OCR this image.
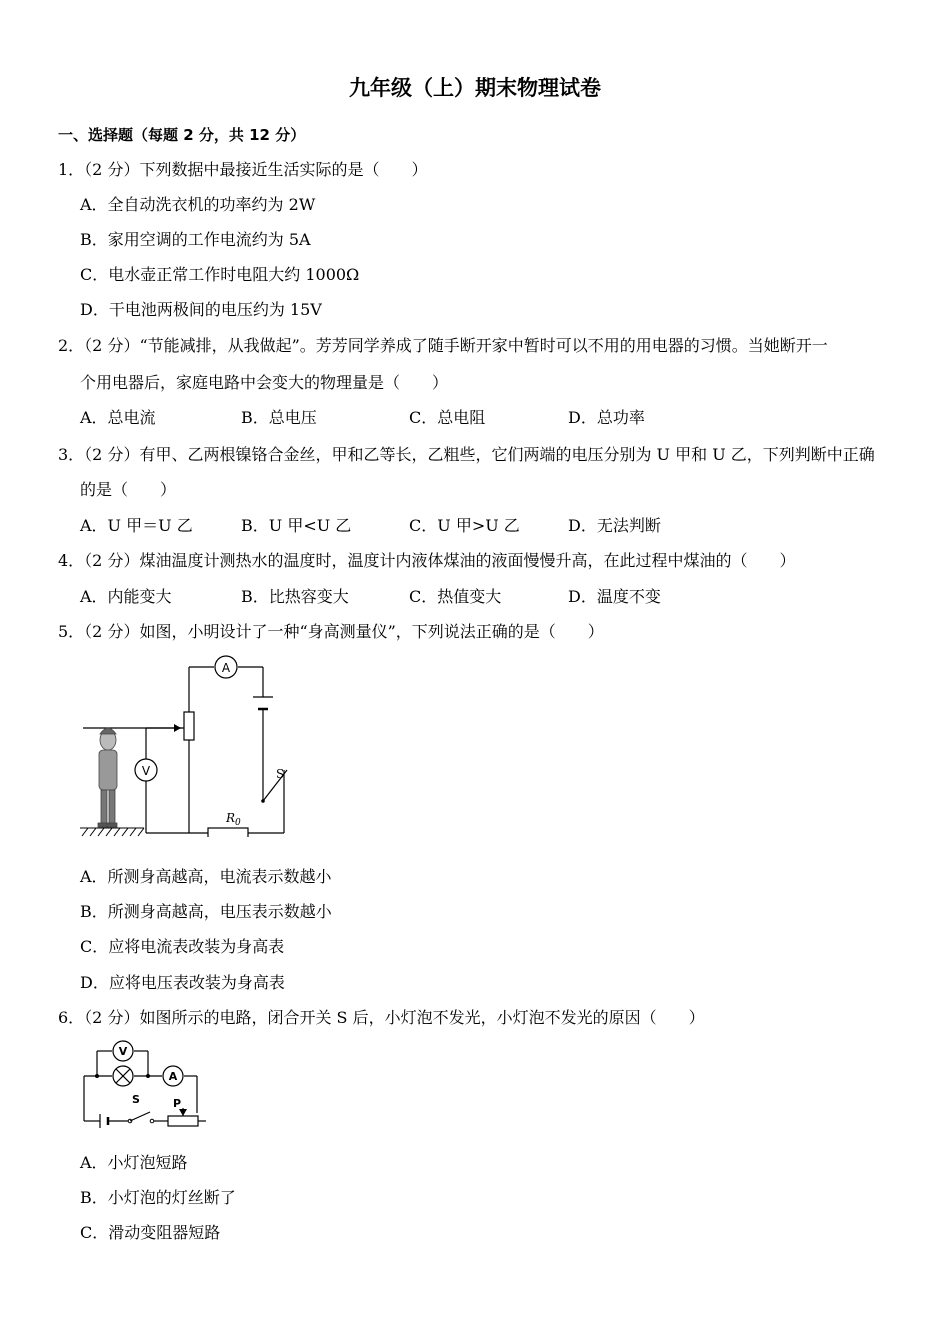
九年级（上）期末物理试卷
一、选择题（每题 2 分，共 12 分）
1．（2 分）下列数据中最接近生活实际的是（　　）
A．全自动洗衣机的功率约为 2W
B．家用空调的工作电流约为 5A
C．电水壶正常工作时电阻大约 1000Ω
D．干电池两极间的电压约为 15V
2．（2 分）“节能减排，从我做起”。芳芳同学养成了随手断开家中暂时可以不用的用电器的习惯。当她断开一
个用电器后，家庭电路中会变大的物理量是（　　）
A．总电流	B．总电压	C．总电阻	D．总功率
3．（2 分）有甲、乙两根镍铬合金丝，甲和乙等长，乙粗些，它们两端的电压分别为 U 甲和 U 乙，下列判断中正确
的是（　　）
A．U 甲＝U 乙	B．U 甲<U 乙	C．U 甲>U 乙	D．无法判断
4．（2 分）煤油温度计测热水的温度时，温度计内液体煤油的液面慢慢升高，在此过程中煤油的（　　）
A．内能变大	B．比热容变大	C．热值变大	D．温度不变
5．（2 分）如图，小明设计了一种“身高测量仪”，下列说法正确的是（　　）
A
S
V
$R_0$
A．所测身高越高，电流表示数越小
B．所测身高越高，电压表示数越小
C．应将电流表改装为身高表
D．应将电压表改装为身高表
6．（2 分）如图所示的电路，闭合开关 S 后，小灯泡不发光，小灯泡不发光的原因（　　）
V
A
S	P
A．小灯泡短路
B．小灯泡的灯丝断了
C．滑动变阻器短路
